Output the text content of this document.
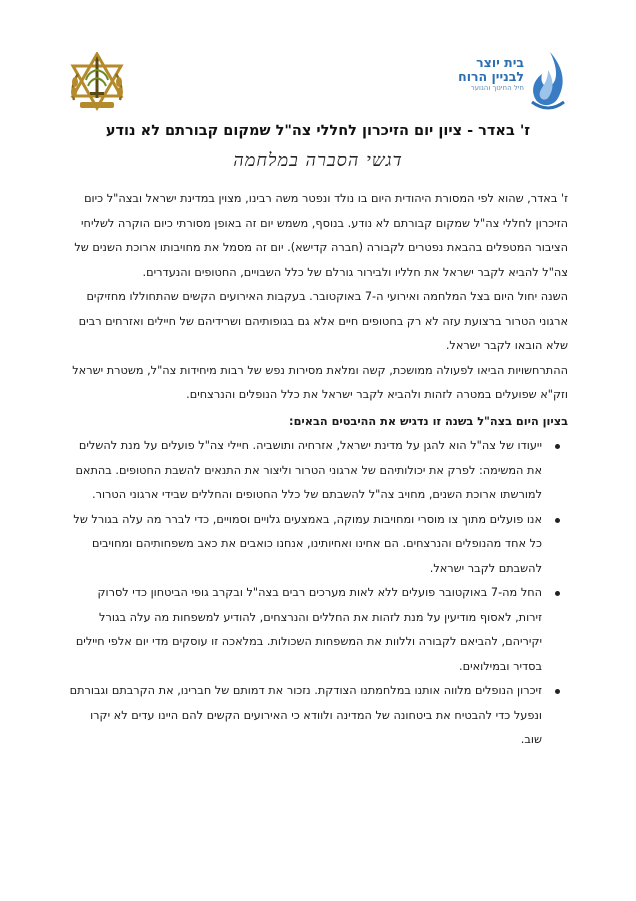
בית יוצר
לבניין הרוח
חיל החינוך והנוער
ז' באדר - ציון יום הזיכרון לחללי צה"ל שמקום קבורתם לא נודע
דגשי הסברה במלחמה

ז' באדר, שהוא לפי המסורת היהודית היום בו נולד ונפטר משה רבינו, מצוין במדינת ישראל ובצה"ל כיום הזיכרון לחללי צה"ל שמקום קבורתם לא נודע. בנוסף, משמש יום זה באופן מסורתי כיום הוקרה לשליחי הציבור המטפלים בהבאת נפטרים לקבורה (חברה קדישא). יום זה מסמל את מחויבותו ארוכת השנים של צה"ל להביא לקבר ישראל את חלליו ולבירור גורלם של כלל השבויים, החטופים והנעדרים.

השנה יחול היום בצל המלחמה ואירועי ה-7 באוקטובר. בעקבות האירועים הקשים שהתחוללו מחזיקים ארגוני הטרור ברצועת עזה לא רק בחטופים חיים אלא גם בגופותיהם ושרידיהם של חיילים ואזרחים רבים שלא הובאו לקבר ישראל.

ההתרחשויות הביאו לפעולה ממושכת, קשה ומלאת מסירות נפש של רבות מיחידות צה"ל, משטרת ישראל וזק"א שפועלים במטרה לזהות ולהביא לקבר ישראל את כלל הנופלים והנרצחים.

בציון היום בצה"ל בשנה זו נדגיש את ההיבטים הבאים:

ייעודו של צה"ל הוא להגן על מדינת ישראל, אזרחיה ותושביה. חיילי צה"ל פועלים על מנת להשלים את המשימה: לפרק את יכולותיהם של ארגוני הטרור וליצור את התנאים להשבת החטופים. בהתאם למורשתו ארוכת השנים, מחויב צה"ל להשבתם של כלל החטופים והחללים שבידי ארגוני הטרור.
אנו פועלים מתוך צו מוסרי ומחויבות עמוקה, באמצעים גלויים וסמויים, כדי לברר מה עלה בגורל של כל אחד מהנופלים והנרצחים. הם אחינו ואחיותינו, אנחנו כואבים את כאב משפחותיהם ומחויבים להשבתם לקבר ישראל.
החל מה-7 באוקטובר פועלים ללא לאות מערכים רבים בצה"ל ובקרב גופי הביטחון כדי לסרוק זירות, לאסוף מודיעין על מנת לזהות את החללים והנרצחים, להודיע למשפחות מה עלה בגורל יקיריהם, להביאם לקבורה וללוות את המשפחות השכולות. במלאכה זו עוסקים מדי יום אלפי חיילים בסדיר ובמילואים.
זיכרון הנופלים מלווה אותנו במלחמתנו הצודקת. נזכור את דמותם של חברינו, את הקרבתם וגבורתם ונפעל כדי להבטיח את ביטחונה של המדינה ולוודא כי האירועים הקשים להם היינו עדים לא יקרו שוב.
